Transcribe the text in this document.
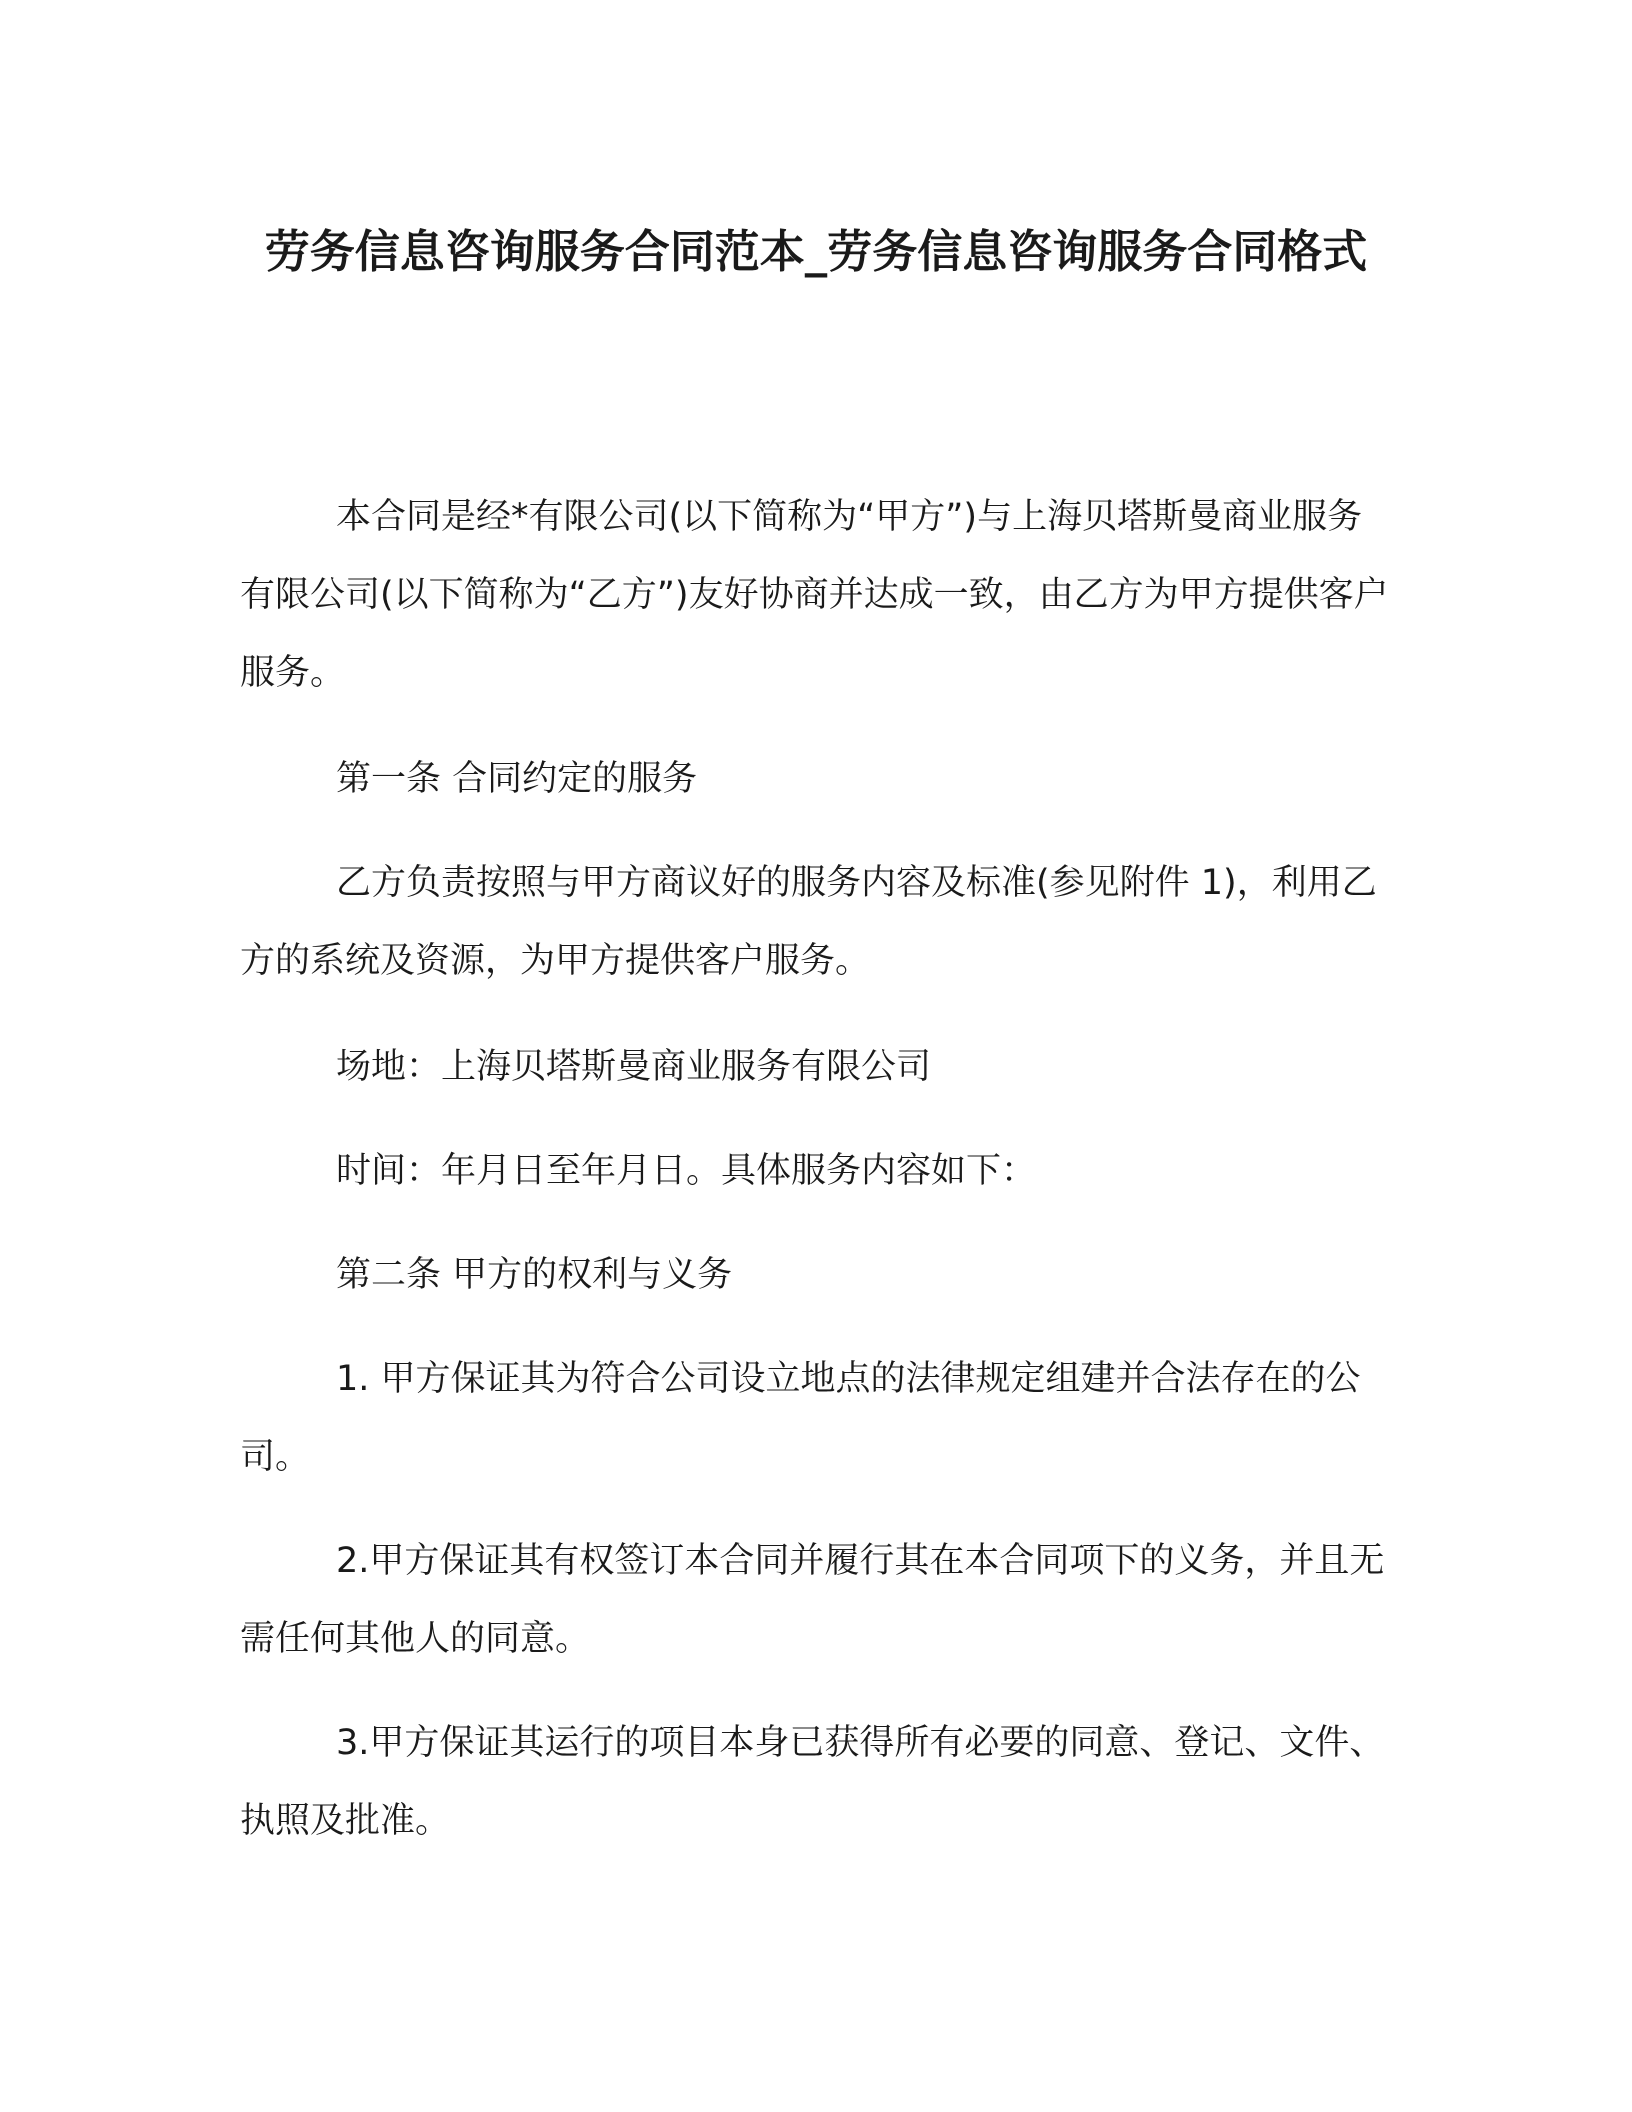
劳务信息咨询服务合同范本_劳务信息咨询服务合同格式

本合同是经*有限公司(以下简称为“甲方”)与上海贝塔斯曼商业服务有限公司(以下简称为“乙方”)友好协商并达成一致，由乙方为甲方提供客户服务。

第一条 合同约定的服务

乙方负责按照与甲方商议好的服务内容及标准(参见附件 1)，利用乙方的系统及资源，为甲方提供客户服务。

场地：上海贝塔斯曼商业服务有限公司

时间：年月日至年月日。具体服务内容如下：

第二条 甲方的权利与义务

1. 甲方保证其为符合公司设立地点的法律规定组建并合法存在的公司。

2.甲方保证其有权签订本合同并履行其在本合同项下的义务，并且无需任何其他人的同意。

3.甲方保证其运行的项目本身已获得所有必要的同意、登记、文件、执照及批准。
